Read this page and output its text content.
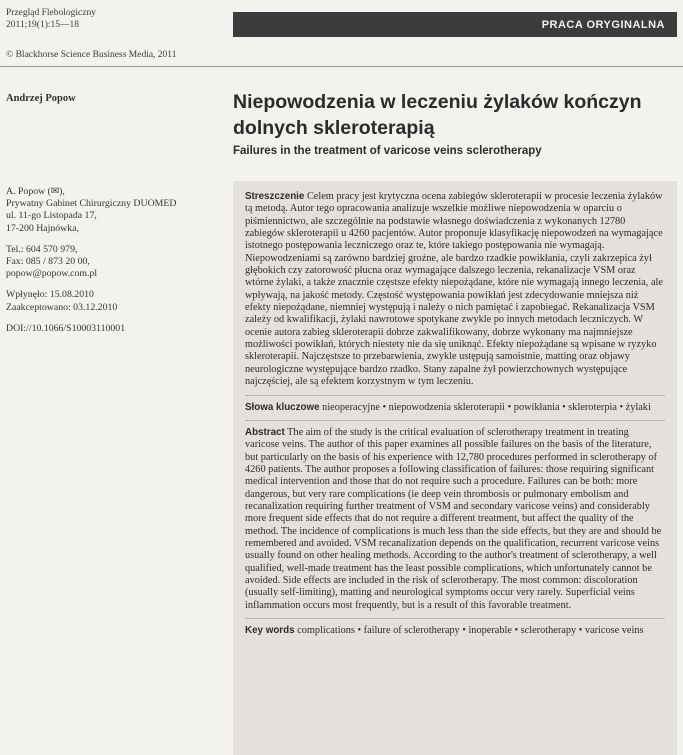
Przegląd Flebologiczny
2011;19(1):15—18	PRACA ORYGINALNA
© Blackhorse Science Business Media, 2011
Andrzej Popow	Niepowodzenia w leczeniu żylaków kończyn dolnych skleroterapią
Failures in the treatment of varicose veins sclerotherapy
A. Popow (✉),
Prywatny Gabinet Chirurgiczny DUOMED
ul. 11-go Listopada 17,
17-200 Hajnówka,
Tel.: 604 570 979,
Fax: 085 / 873 20 00,
popow@popow.com.pl
Wpłynęło: 15.08.2010
Zaakceptowano: 03.12.2010
DOI://10.1066/S10003110001

Streszczenie Celem pracy jest krytyczna ocena zabiegów skleroterapii w procesie leczenia żylaków tą metodą. Autor tego opracowania analizuje wszelkie możliwe niepowodzenia w oparciu o piśmiennictwo, ale szczególnie na podstawie własnego doświadczenia z wykonanych 12780 zabiegów skleroterapii u 4260 pacjentów. Autor proponuje klasyfikację niepowodzeń na wymagające istotnego postępowania leczniczego oraz te, które takiego postępowania nie wymagają. Niepowodzeniami są zarówno bardziej groźne, ale bardzo rzadkie powikłania, czyli zakrzepica żył głębokich czy zatorowość płucna oraz wymagające dalszego leczenia, rekanalizacje VSM oraz wtórne żylaki, a także znacznie częstsze efekty niepożądane, które nie wymagają innego leczenia, ale wpływają, na jakość metody. Częstość występowania powikłań jest zdecydowanie mniejsza niż efekty niepożądane, niemniej występują i należy o nich pamiętać i zapobiegać. Rekanalizacja VSM zależy od kwalifikacji, żylaki nawrotowe spotykane zwykle po innych metodach leczniczych. W ocenie autora zabieg skleroterapii dobrze zakwalifikowany, dobrze wykonany ma najmniejsze możliwości powikłań, których niestety nie da się uniknąć. Efekty niepożądane są wpisane w ryzyko skleroterapii. Najczęstsze to przebarwienia, zwykle ustępują samoistnie, matting oraz objawy neurologiczne występujące bardzo rzadko. Stany zapalne żył powierzchownych występujące najczęściej, ale są efektem korzystnym w tym leczeniu.

Słowa kluczowe nieoperacyjne • niepowodzenia skleroterapii • powikłania • skleroterpia • żylaki

Abstract The aim of the study is the critical evaluation of sclerotherapy treatment in treating varicose veins. The author of this paper examines all possible failures on the basis of the literature, but particularly on the basis of his experience with 12,780 procedures performed in sclerotherapy of 4260 patients. The author proposes a following classification of failures: those requiring significant medical intervention and those that do not require such a procedure. Failures can be both: more dangerous, but very rare complications (ie deep vein thrombosis or pulmonary embolism and recanalization requiring further treatment of VSM and secondary varicose veins) and considerably more frequent side effects that do not require a different treatment, but affect the quality of the method. The incidence of complications is much less than the side effects, but they are and should be remembered and avoided. VSM recanalization depends on the qualification, recurrent varicose veins usually found on other healing methods. According to the author's treatment of sclerotherapy, a well qualified, well-made treatment has the least possible complications, which unfortunately cannot be avoided. Side effects are included in the risk of sclerotherapy. The most common: discoloration (usually self-limiting), matting and neurological symptoms occur very rarely. Superficial veins inflammation occurs most frequently, but is a result of this favorable treatment.

Key words complications • failure of sclerotherapy • inoperable • sclerotherapy • varicose veins
